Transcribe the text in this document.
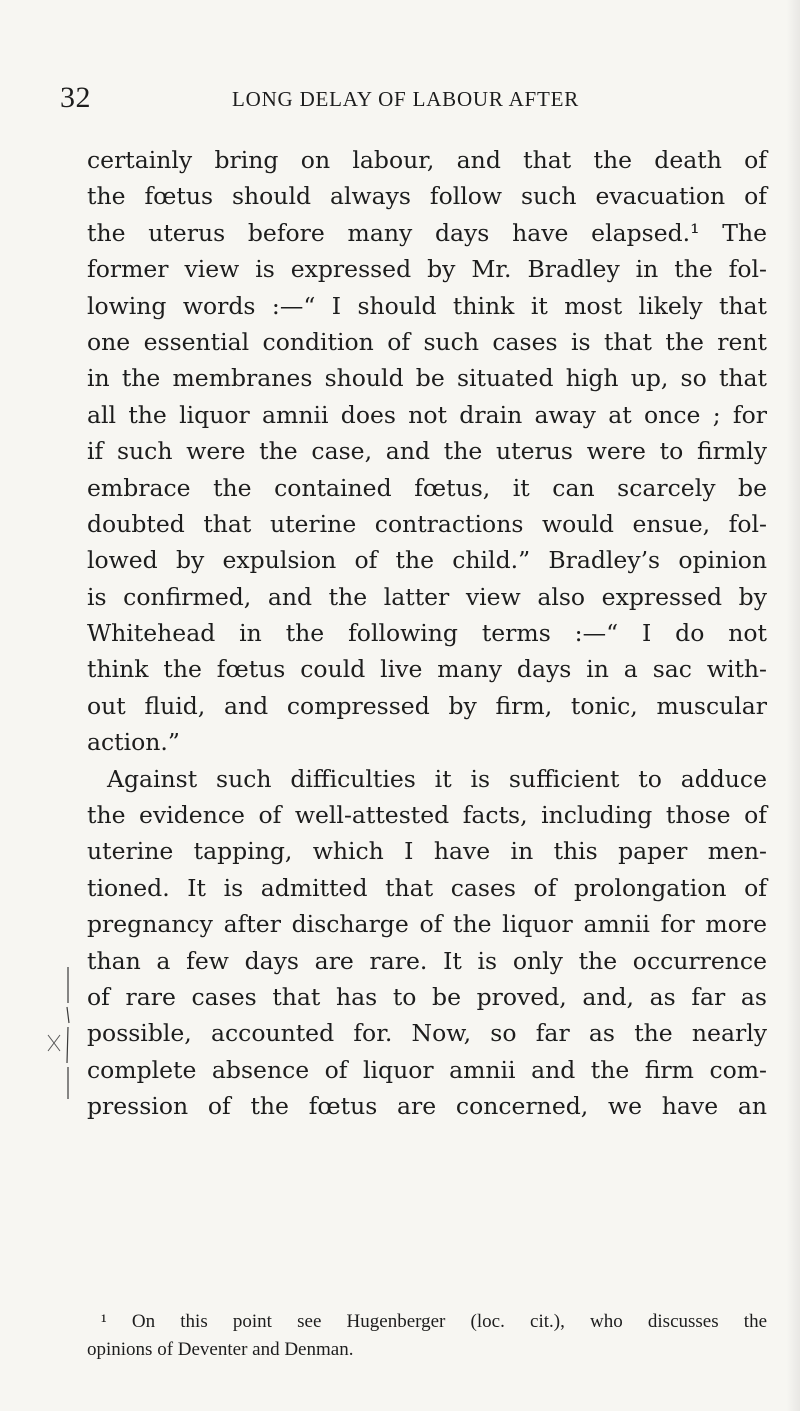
32	LONG DELAY OF LABOUR AFTER
certainly bring on labour, and that the death of
the fœtus should always follow such evacuation of
the uterus before many days have elapsed.¹ The
former view is expressed by Mr. Bradley in the fol-
lowing words :—“ I should think it most likely that
one essential condition of such cases is that the rent
in the membranes should be situated high up, so that
all the liquor amnii does not drain away at once ; for
if such were the case, and the uterus were to firmly
embrace the contained fœtus, it can scarcely be
doubted that uterine contractions would ensue, fol-
lowed by expulsion of the child.” Bradley’s opinion
is confirmed, and the latter view also expressed by
Whitehead in the following terms :—“ I do not
think the fœtus could live many days in a sac with-
out fluid, and compressed by firm, tonic, muscular
action.”
Against such difficulties it is sufficient to adduce
the evidence of well-attested facts, including those of
uterine tapping, which I have in this paper men-
tioned. It is admitted that cases of prolongation of
pregnancy after discharge of the liquor amnii for more
than a few days are rare. It is only the occurrence
of rare cases that has to be proved, and, as far as
possible, accounted for. Now, so far as the nearly
complete absence of liquor amnii and the firm com-
pression of the fœtus are concerned, we have an
¹ On this point see Hugenberger (loc. cit.), who discusses the
opinions of Deventer and Denman.
